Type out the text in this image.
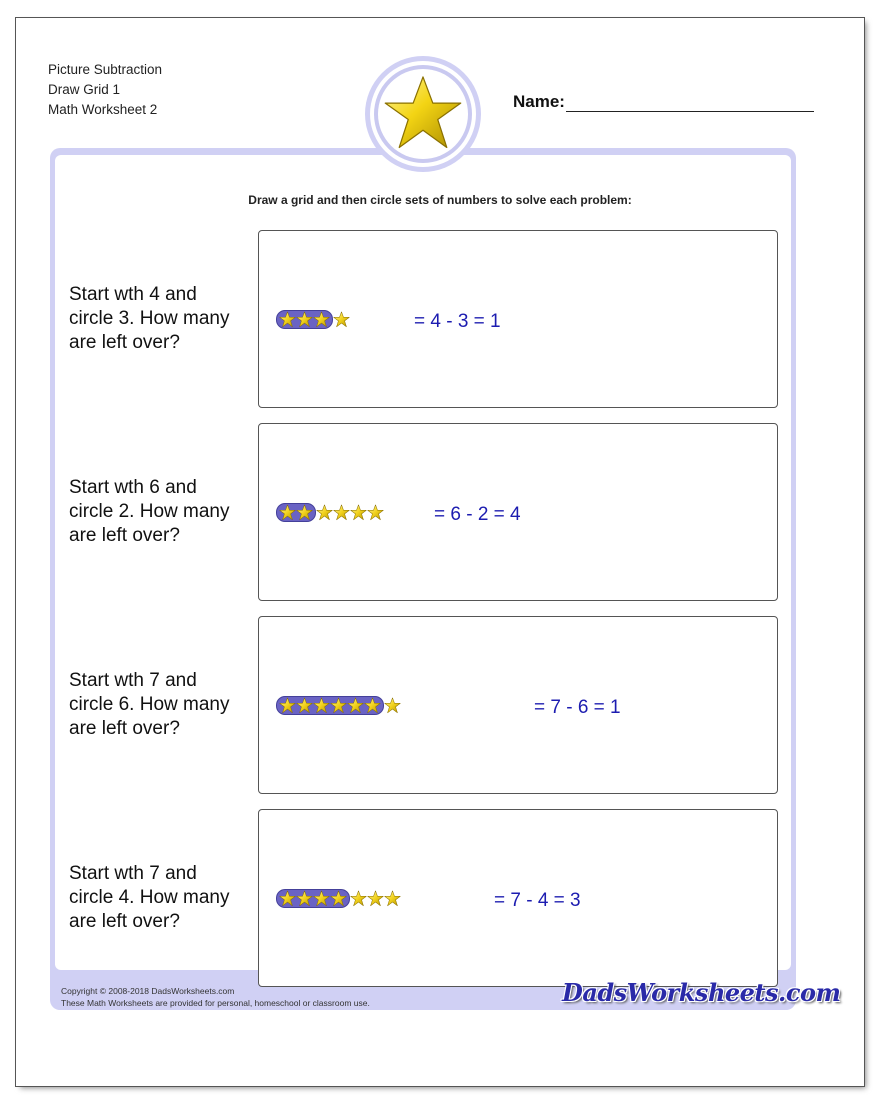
Picture Subtraction
Draw Grid 1
Math Worksheet 2	Name:
Draw a grid and then circle sets of numbers to solve each problem:
Start wth 4 and
circle 3. How many
are left over?
= 4 - 3 = 1
Start wth 6 and
circle 2. How many
are left over?
= 6 - 2 = 4
Start wth 7 and
circle 6. How many
are left over?
= 7 - 6 = 1
Start wth 7 and
circle 4. How many
are left over?
= 7 - 4 = 3
Copyright © 2008-2018 DadsWorksheets.com
These Math Worksheets are provided for personal, homeschool or classroom use.	DadsWorksheets.com
